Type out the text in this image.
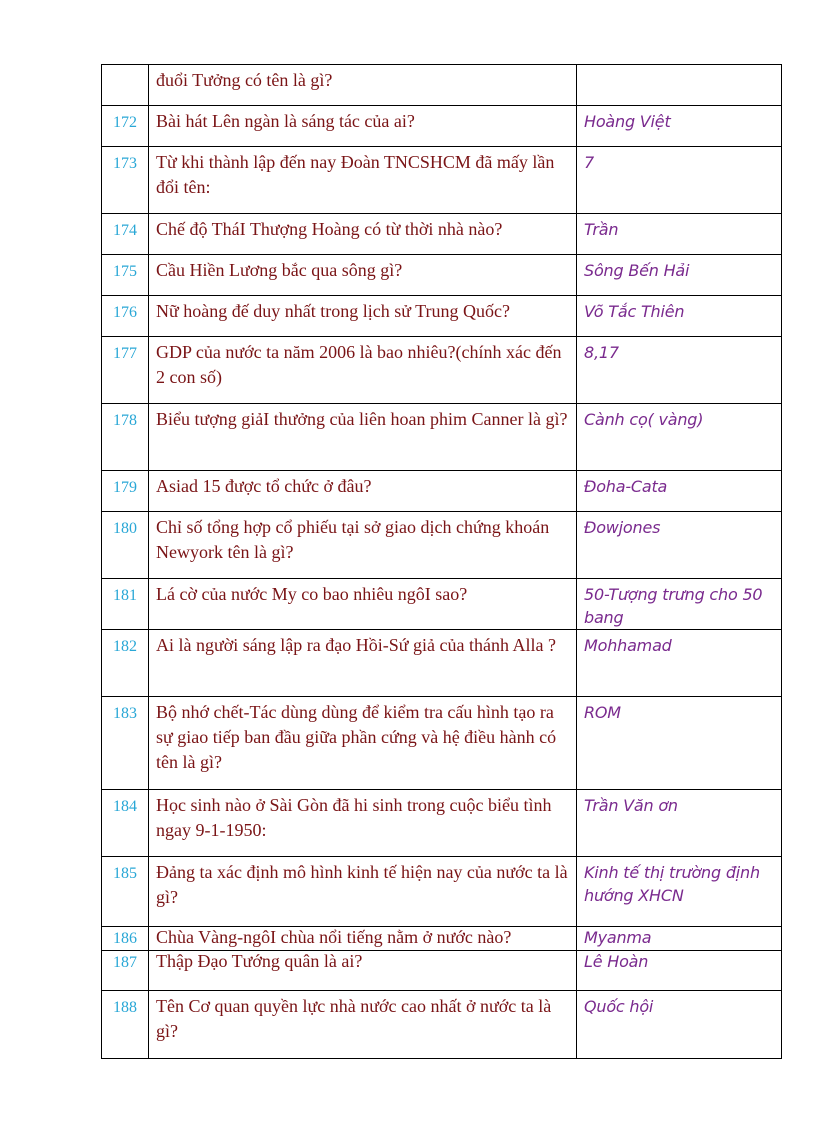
	đuổi Tưởng có tên là gì?	
172	Bài hát Lên ngàn là sáng tác của ai?	Hoàng Việt
173	Từ khi thành lập đến nay Đoàn TNCSHCM đã mấy lần đổi tên:	7
174	Chế độ TháI Thượng Hoàng có từ thời nhà nào?	Trần
175	Cầu Hiền Lương bắc qua sông gì?	Sông Bến Hải
176	Nữ hoàng đế duy nhất trong lịch sử Trung Quốc?	Võ Tắc Thiên
177	GDP của nước ta năm 2006 là bao nhiêu?(chính xác đến 2 con số)	8,17
178	Biểu tượng giảI thưởng của liên hoan phim Canner là gì?	Cành cọ( vàng)
179	Asiad 15 được tổ chức ở đâu?	Đoha-Cata
180	Chỉ số tổng hợp cổ phiếu tại sở giao dịch chứng khoán Newyork tên là gì?	Đowjones
181	Lá cờ của nước My co bao nhiêu ngôI sao?	50-Tượng trưng cho 50 bang
182	Ai là người sáng lập ra đạo Hồi-Sứ giả của thánh Alla ?	Mohhamad
183	Bộ nhớ chết-Tác dùng dùng để kiểm tra cấu hình tạo ra sự giao tiếp ban đầu giữa phần cứng và hệ điều hành có tên là gì?	ROM
184	Học sinh nào ở Sài Gòn đã hi sinh trong cuộc biểu tình ngay 9-1-1950:	Trần Văn ơn
185	Đảng ta xác định mô hình kinh tế hiện nay của nước ta là gì?	Kinh tế thị trường định hướng XHCN
186	Chùa Vàng-ngôI chùa nổi tiếng nằm ở nước nào?	Myanma
187	Thập Đạo Tướng quân là ai?	Lê Hoàn
188	Tên Cơ quan quyền lực nhà nước cao nhất ở nước ta là gì?	Quốc hội
